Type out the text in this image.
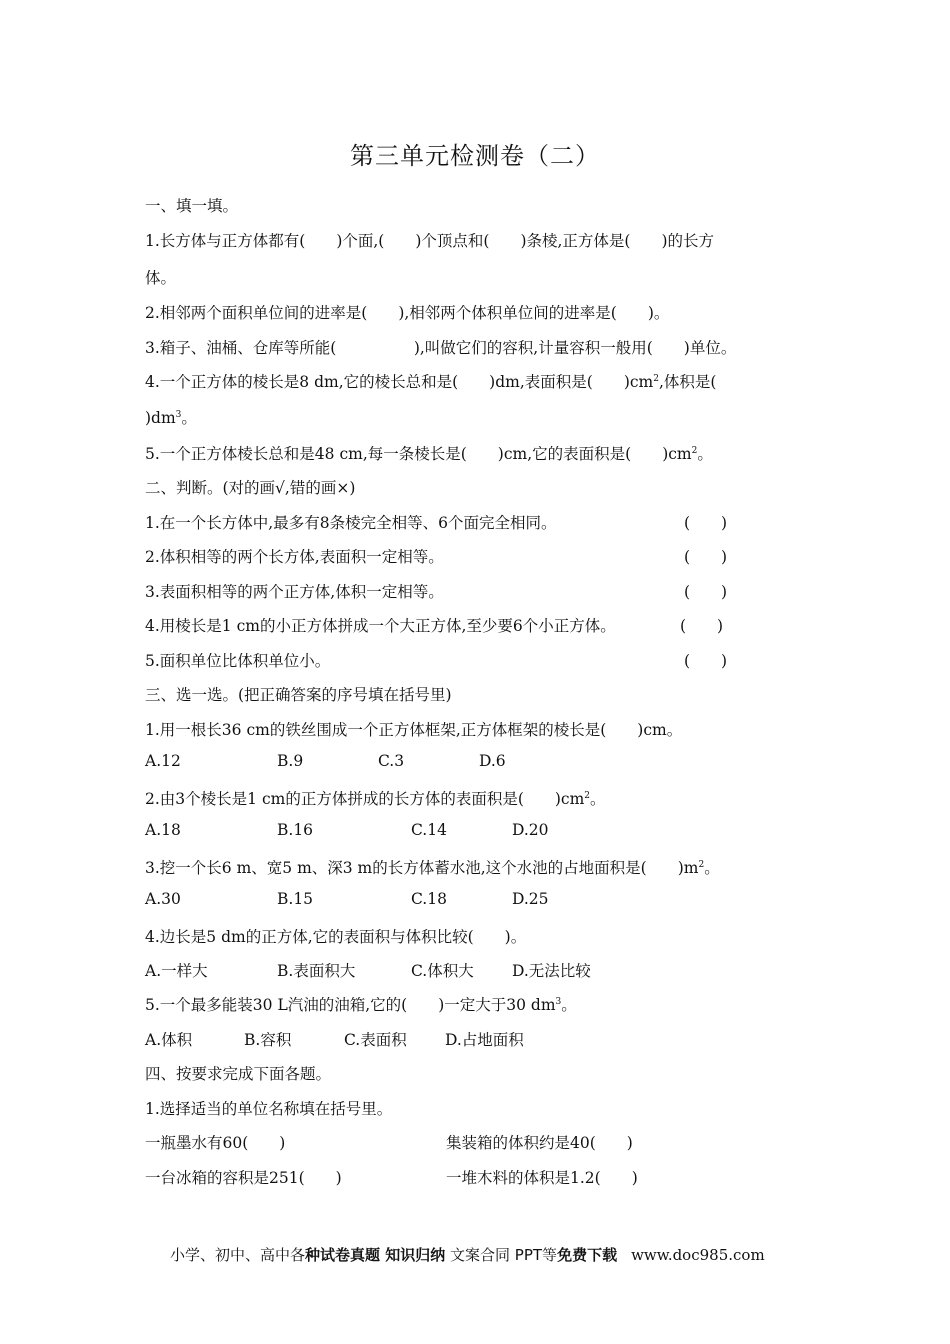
第三单元检测卷（二）
一、填一填。
1.长方体与正方体都有(　　)个面,(　　)个顶点和(　　)条棱,正方体是(　　)的长方
体。
2.相邻两个面积单位间的进率是(　　),相邻两个体积单位间的进率是(　　)。
3.箱子、油桶、仓库等所能(　　　　　),叫做它们的容积,计量容积一般用(　　)单位。
4.一个正方体的棱长是8 dm,它的棱长总和是(　　)dm,表面积是(　　)$cm^2$,体积是(
)$dm^3$。
5.一个正方体棱长总和是48 cm,每一条棱长是(　　)cm,它的表面积是(　　)$cm^2$。
二、判断。(对的画√,错的画×)
1.在一个长方体中,最多有8条棱完全相等、6个面完全相同。	(　　)
2.体积相等的两个长方体,表面积一定相等。	(　　)
3.表面积相等的两个正方体,体积一定相等。	(　　)
4.用棱长是1 cm的小正方体拼成一个大正方体,至少要6个小正方体。	(　　)
5.面积单位比体积单位小。	(　　)
三、选一选。(把正确答案的序号填在括号里)
1.用一根长36 cm的铁丝围成一个正方体框架,正方体框架的棱长是(　　)cm。
A.12	B.9	C.3	D.6
2.由3个棱长是1 cm的正方体拼成的长方体的表面积是(　　)$cm^2$。
A.18	B.16	C.14	D.20
3.挖一个长6 m、宽5 m、深3 m的长方体蓄水池,这个水池的占地面积是(　　)$m^2$。
A.30	B.15	C.18	D.25
4.边长是5 dm的正方体,它的表面积与体积比较(　　)。
A.一样大	B.表面积大	C.体积大 D.无法比较
5.一个最多能装30 L汽油的油箱,它的(　　)一定大于30 $dm^3$。
A.体积	B.容积	C.表面积 D.占地面积
四、按要求完成下面各题。
1.选择适当的单位名称填在括号里。
一瓶墨水有60(　　)	集装箱的体积约是40(　　)
一台冰箱的容积是251(　　)	一堆木料的体积是1.2(　　)
小学、初中、高中各种试卷真题 知识归纳 文案合同 PPT等免费下载 www.doc985.com
